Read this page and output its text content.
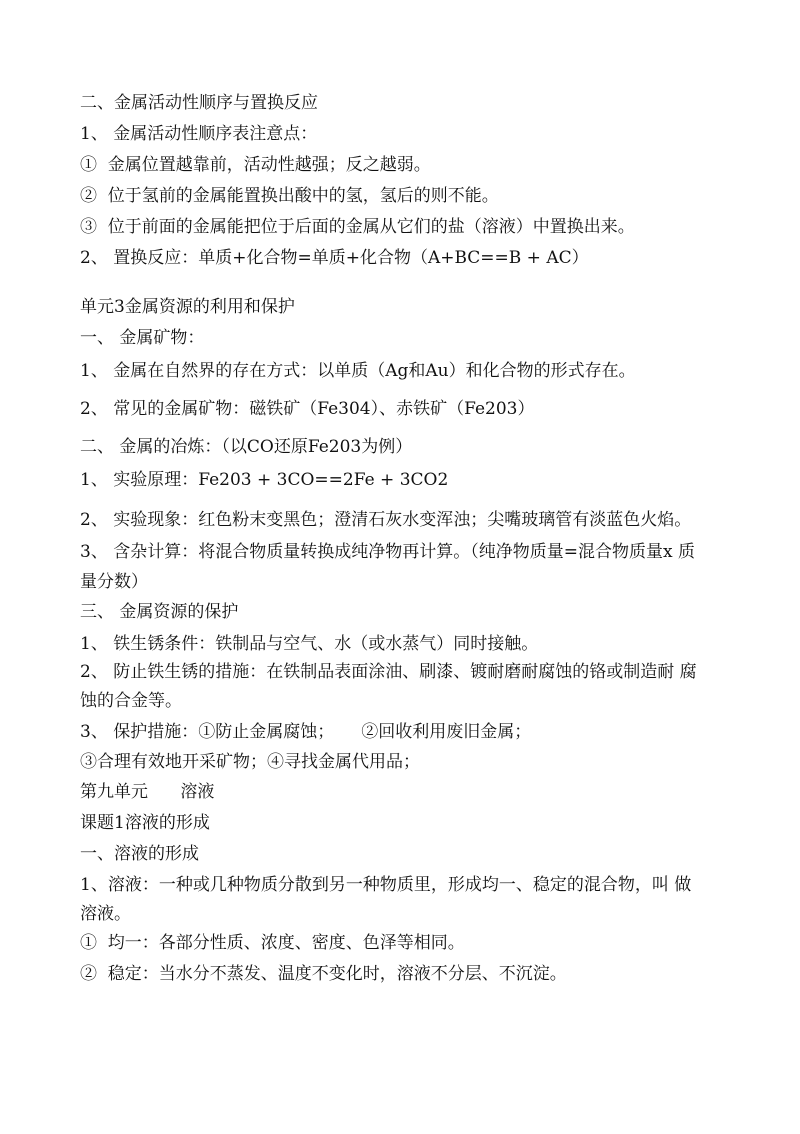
二、金属活动性顺序与置换反应
1、 金属活动性顺序表注意点：
①  金属位置越靠前，活动性越强；反之越弱。
②  位于氢前的金属能置换出酸中的氢，氢后的则不能。
③  位于前面的金属能把位于后面的金属从它们的盐（溶液）中置换出来。
2、 置换反应：单质+化合物=单质+化合物（A+BC==B + AC）
单元3金属资源的利用和保护
一、 金属矿物：
1、 金属在自然界的存在方式：以单质（Ag和Au）和化合物的形式存在。
2、 常见的金属矿物：磁铁矿（Fe304）、赤铁矿（Fe203）
二、 金属的冶炼：（以CO还原Fe203为例）
1、 实验原理：Fe203 + 3CO==2Fe + 3CO2
2、 实验现象：红色粉末变黑色；澄清石灰水变浑浊；尖嘴玻璃管有淡蓝色火焰。
3、 含杂计算：将混合物质量转换成纯净物再计算。（纯净物质量=混合物质量x 质
量分数）
三、 金属资源的保护
1、 铁生锈条件：铁制品与空气、水（或水蒸气）同时接触。
2、 防止铁生锈的措施：在铁制品表面涂油、刷漆、镀耐磨耐腐蚀的铬或制造耐 腐
蚀的合金等。
3、 保护措施：①防止金属腐蚀；     ②回收利用废旧金属；
③合理有效地开采矿物；④寻找金属代用品；
第九单元      溶液
课题1溶液的形成
一、溶液的形成
1、溶液：一种或几种物质分散到另一种物质里，形成均一、稳定的混合物，叫 做
溶液。
①  均一：各部分性质、浓度、密度、色泽等相同。
②  稳定：当水分不蒸发、温度不变化时，溶液不分层、不沉淀。
